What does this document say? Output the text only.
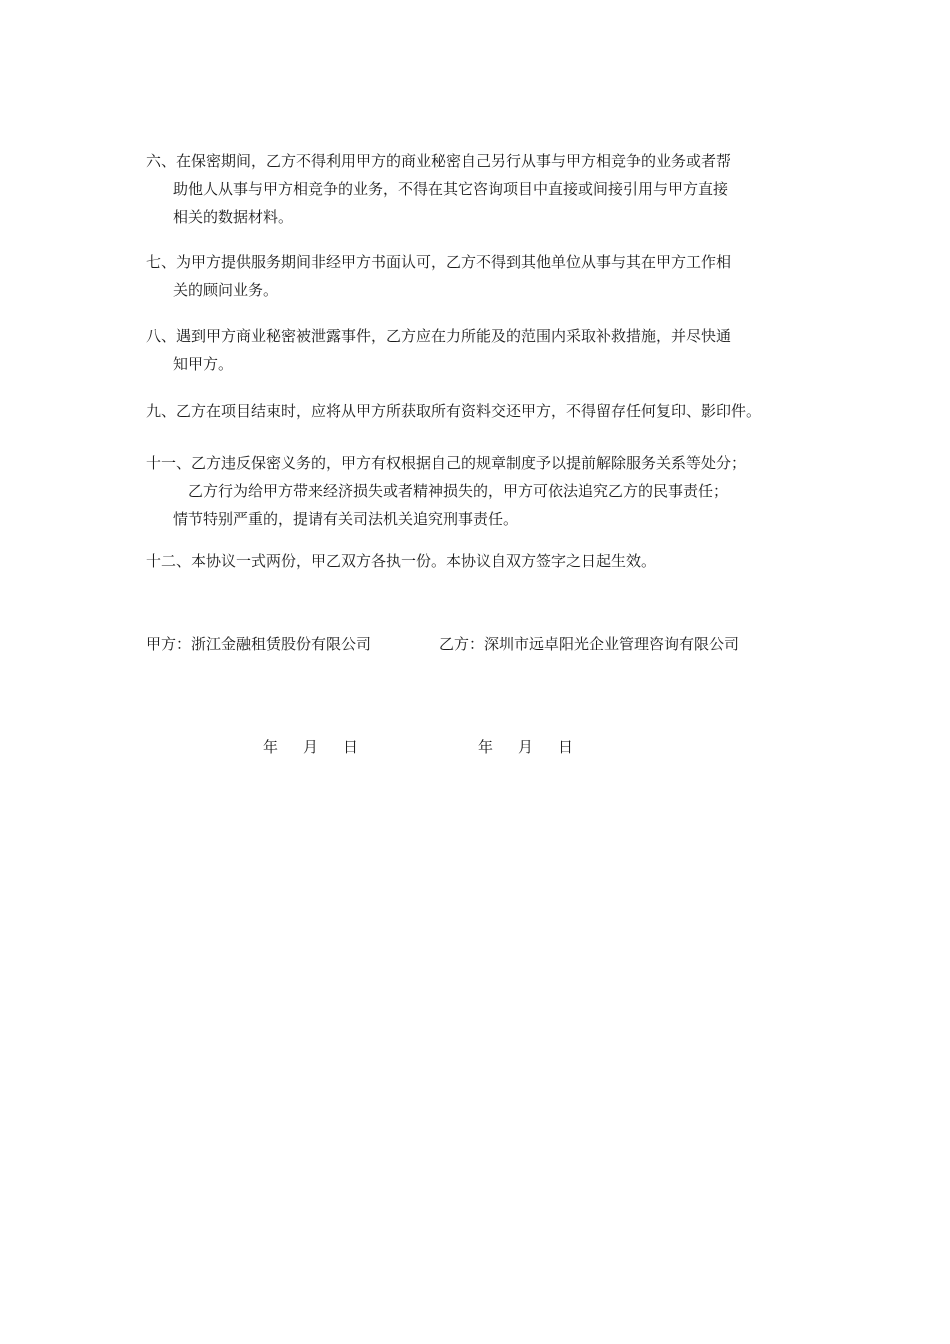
六、在保密期间，乙方不得利用甲方的商业秘密自己另行从事与甲方相竞争的业务或者帮
助他人从事与甲方相竞争的业务，不得在其它咨询项目中直接或间接引用与甲方直接
相关的数据材料。
七、为甲方提供服务期间非经甲方书面认可，乙方不得到其他单位从事与其在甲方工作相
关的顾问业务。
八、遇到甲方商业秘密被泄露事件，乙方应在力所能及的范围内采取补救措施，并尽快通
知甲方。
九、乙方在项目结束时，应将从甲方所获取所有资料交还甲方，不得留存任何复印、影印件。
十一、乙方违反保密义务的，甲方有权根据自己的规章制度予以提前解除服务关系等处分；
乙方行为给甲方带来经济损失或者精神损失的，甲方可依法追究乙方的民事责任；
情节特别严重的，提请有关司法机关追究刑事责任。
十二、本协议一式两份，甲乙双方各执一份。本协议自双方签字之日起生效。
甲方：浙江金融租赁股份有限公司	乙方：深圳市远卓阳光企业管理咨询有限公司
年 月 日	年 月 日
